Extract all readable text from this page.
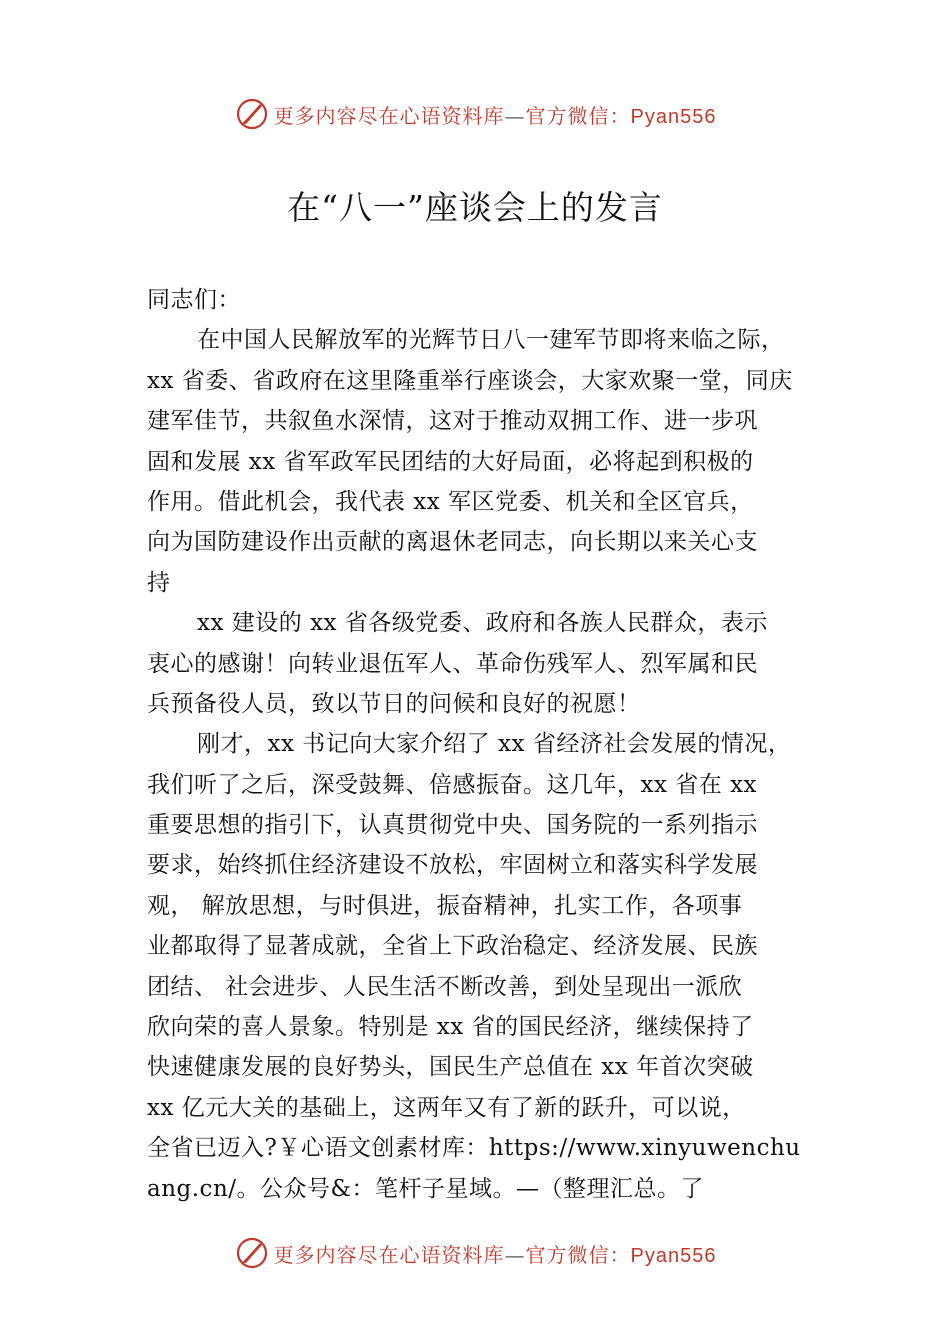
更多内容尽在心语资料库—官方微信：Pyan556
在“八一”座谈会上的发言
同志们：
在中国人民解放军的光辉节日八一建军节即将来临之际，
xx 省委、省政府在这里隆重举行座谈会，大家欢聚一堂，同庆
建军佳节，共叙鱼水深情，这对于推动双拥工作、进一步巩
固和发展 xx 省军政军民团结的大好局面，必将起到积极的
作用。借此机会，我代表 xx 军区党委、机关和全区官兵，
向为国防建设作出贡献的离退休老同志，向长期以来关心支
持
xx 建设的 xx 省各级党委、政府和各族人民群众，表示
衷心的感谢！向转业退伍军人、革命伤残军人、烈军属和民
兵预备役人员，致以节日的问候和良好的祝愿！
刚才，xx 书记向大家介绍了 xx 省经济社会发展的情况，
我们听了之后，深受鼓舞、倍感振奋。这几年，xx 省在 xx
重要思想的指引下，认真贯彻党中央、国务院的一系列指示
要求，始终抓住经济建设不放松，牢固树立和落实科学发展
观， 解放思想，与时俱进，振奋精神，扎实工作，各项事
业都取得了显著成就，全省上下政治稳定、经济发展、民族
团结、 社会进步、人民生活不断改善，到处呈现出一派欣
欣向荣的喜人景象。特别是 xx 省的国民经济，继续保持了
快速健康发展的良好势头，国民生产总值在 xx 年首次突破
xx 亿元大关的基础上，这两年又有了新的跃升，可以说，
全省已迈入?￥心语文创素材库：https://www.xinyuwenchu
ang.cn/。公众号&：笔杆子星域。—（整理汇总。了
更多内容尽在心语资料库—官方微信：Pyan556
